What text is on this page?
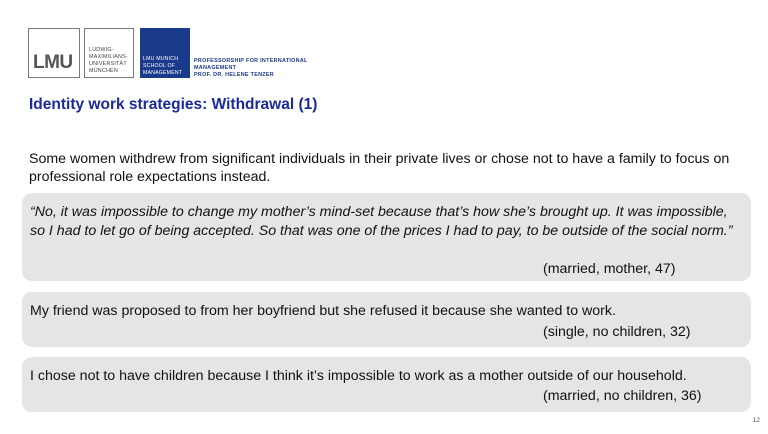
LMU
LUDWIG-
MAXIMILIANS-
UNIVERSITÄT
MÜNCHEN
LMU MUNICH
SCHOOL OF
MANAGEMENT
PROFESSORSHIP FOR INTERNATIONAL
MANAGEMENT
PROF. DR. HELENE TENZER
Identity work strategies: Withdrawal (1)
Some women withdrew from significant individuals in their private lives or chose not to have a family to focus on professional role expectations instead.
“No, it was impossible to change my mother’s mind-set because that’s how she’s brought up. It was impossible, so I had to let go of being accepted. So that was one of the prices I had to pay, to be outside of the social norm.”
(married, mother, 47)
My friend was proposed to from her boyfriend but she refused it because she wanted to work.
(single, no children, 32)
I chose not to have children because I think it’s impossible to work as a mother outside of our household.
(married, no children, 36)
12
